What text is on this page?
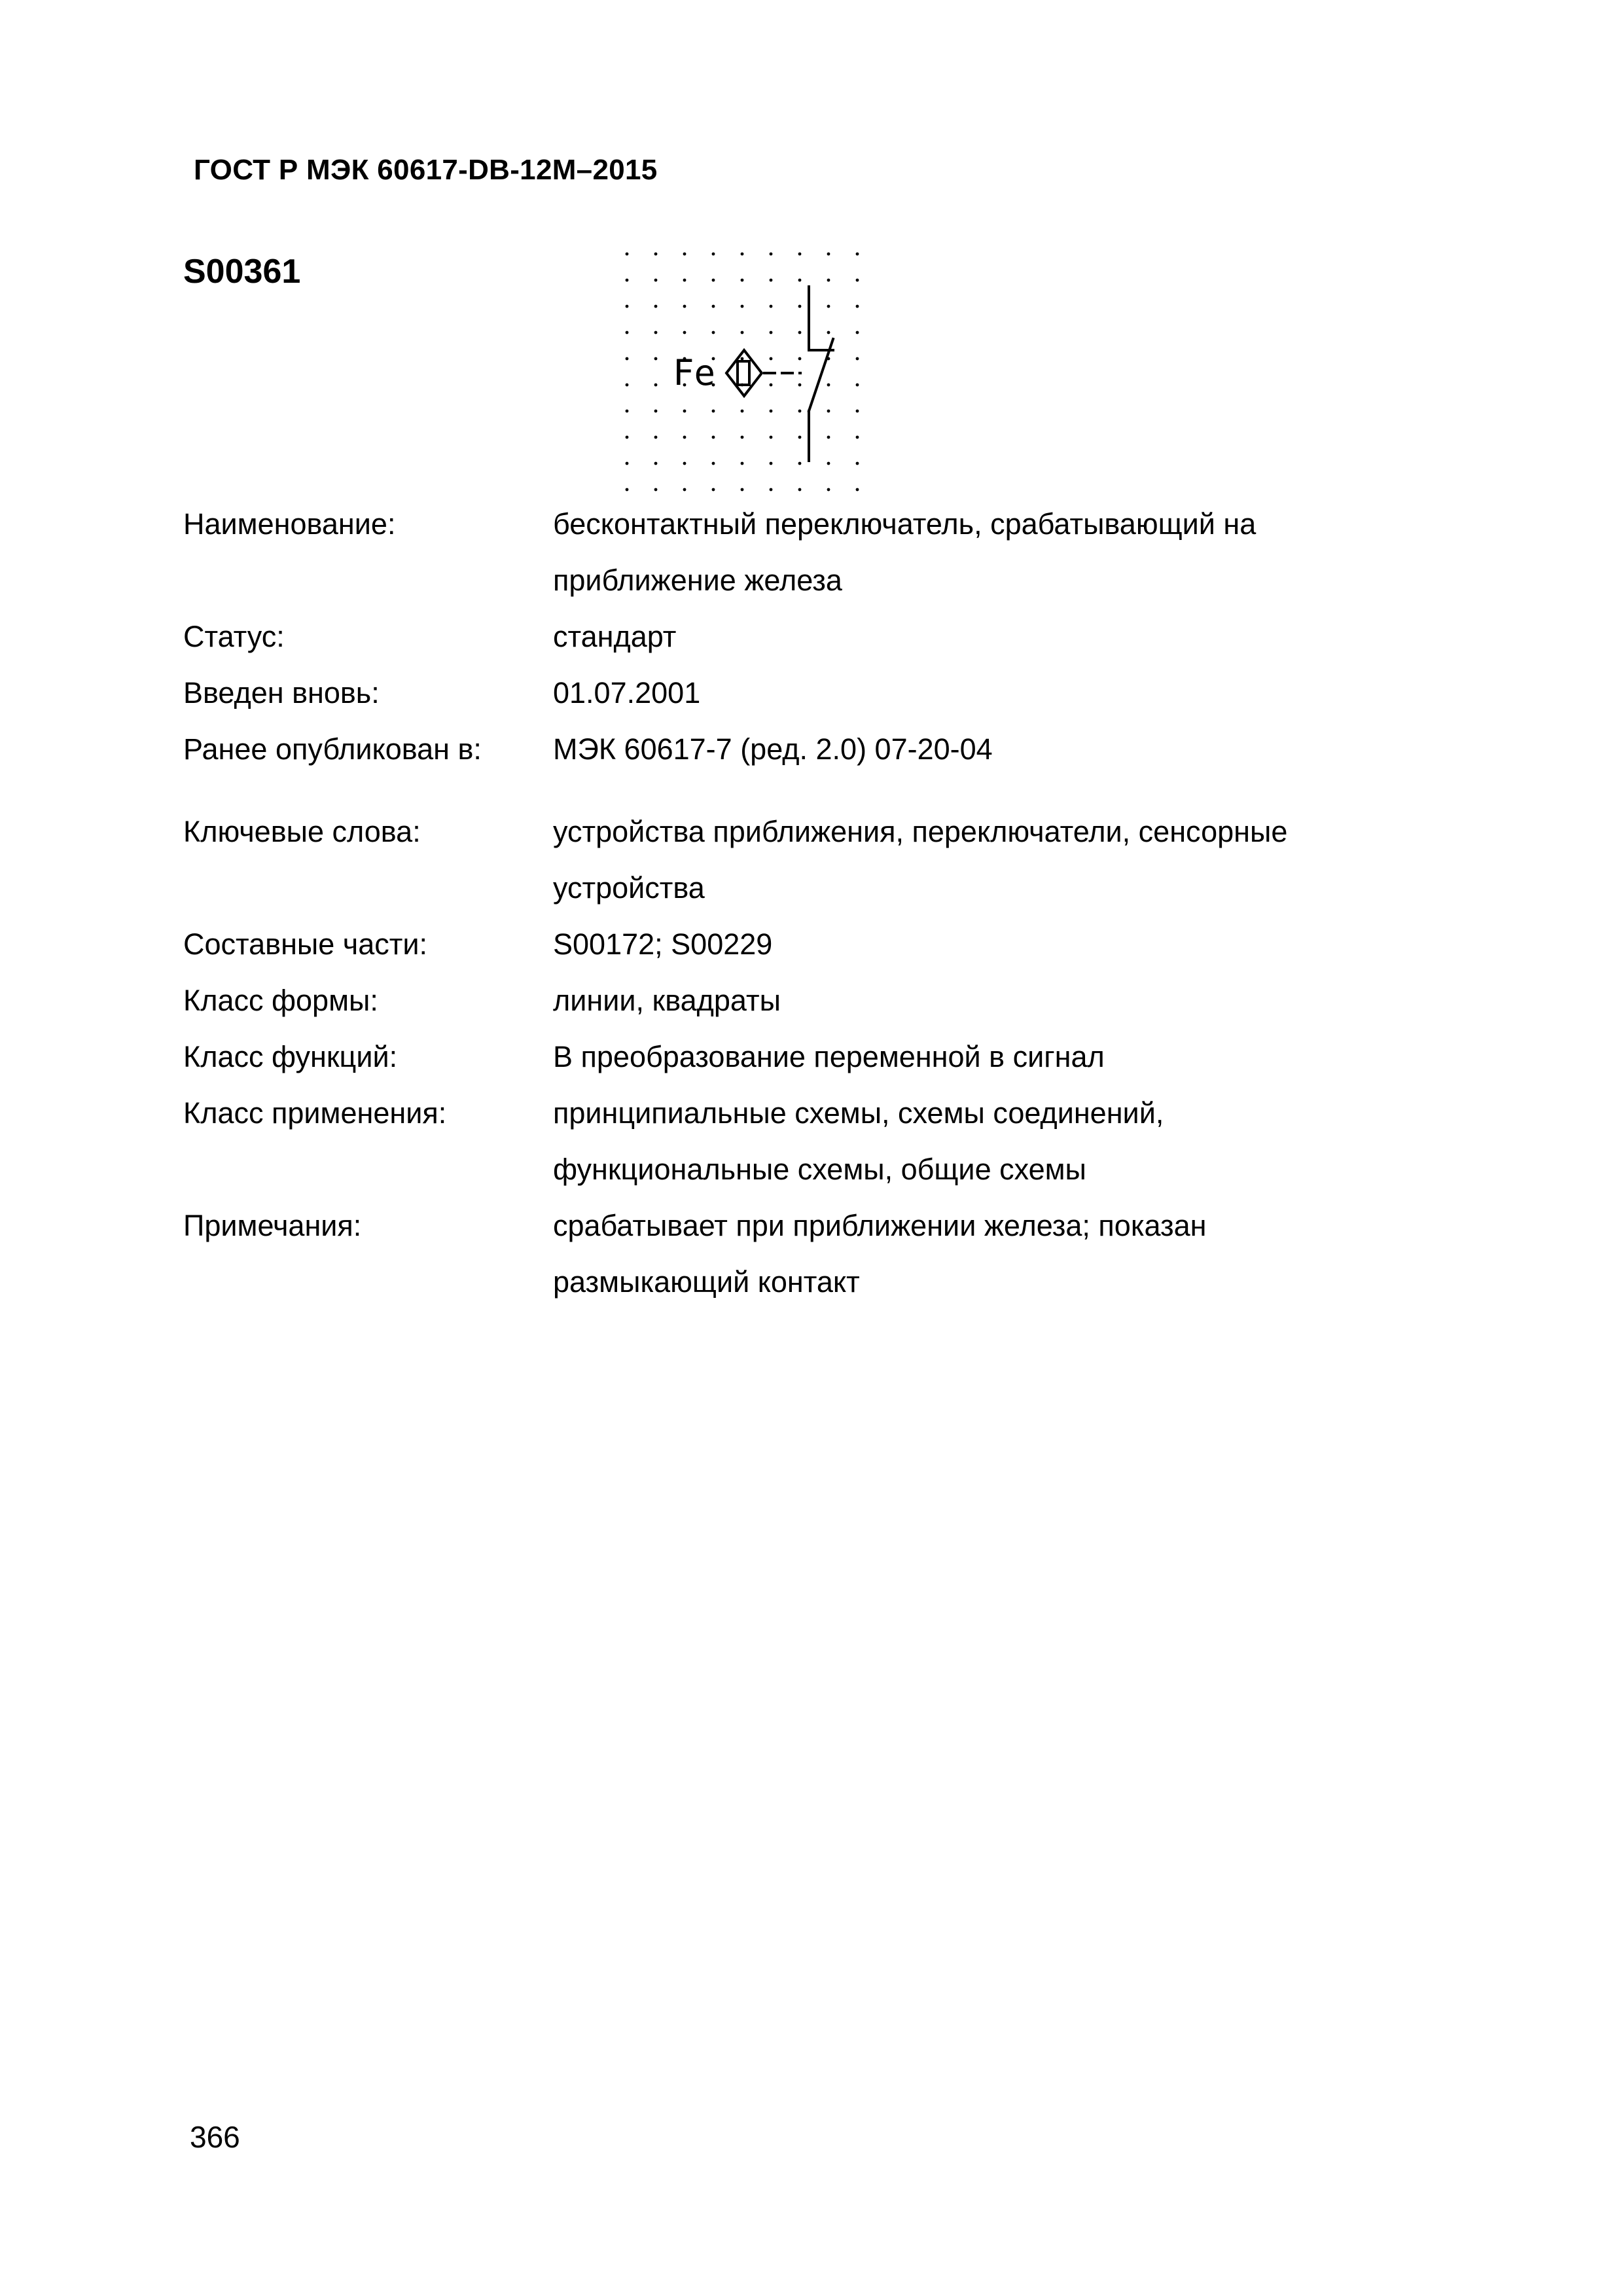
ГОСТ Р МЭК 60617-DB-12M–2015
S00361
Fe
Наименование:	бесконтактный переключатель, срабатывающий на
приближение железа
Статус:	стандарт
Введен вновь:	01.07.2001
Ранее опубликован в:	МЭК 60617-7 (ред. 2.0) 07-20-04
Ключевые слова:	устройства приближения, переключатели, сенсорные
устройства
Составные части:	S00172; S00229
Класс формы:	линии, квадраты
Класс функций:	В преобразование переменной в сигнал
Класс применения:	принципиальные схемы, схемы соединений,
функциональные схемы, общие схемы
Примечания:	срабатывает при приближении железа; показан
размыкающий контакт
366
